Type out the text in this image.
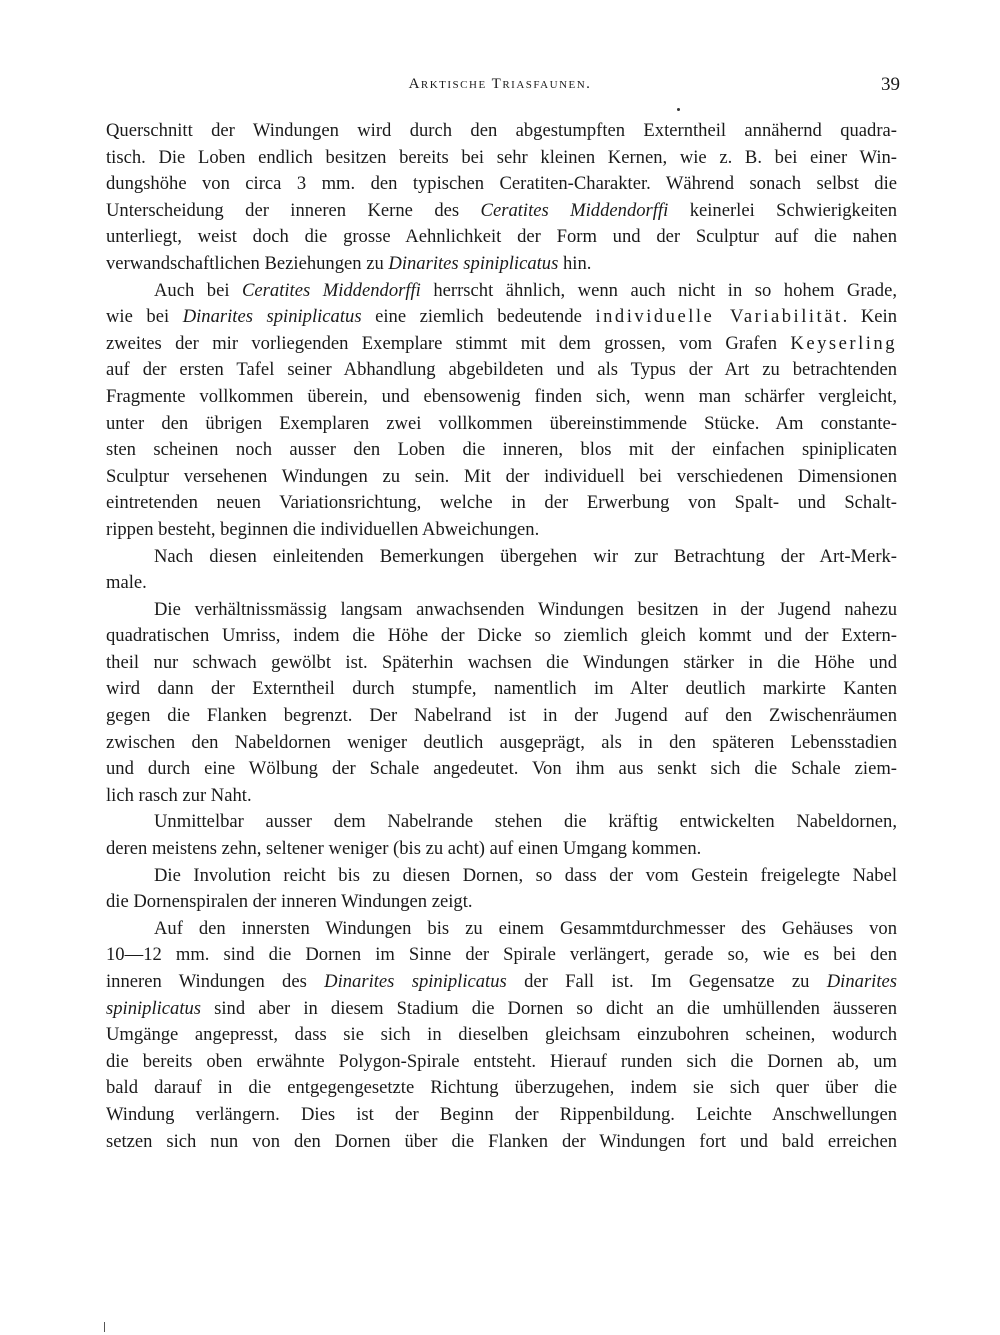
Arktische Triasfaunen.	39
Querschnitt der Windungen wird durch den abgestumpften Externtheil annähernd quadra-
tisch. Die Loben endlich besitzen bereits bei sehr kleinen Kernen, wie z. B. bei einer Win-
dungshöhe von circa 3 mm. den typischen Ceratiten-Charakter. Während sonach selbst die
Unterscheidung der inneren Kerne des Ceratites Middendorffi keinerlei Schwierigkeiten
unterliegt, weist doch die grosse Aehnlichkeit der Form und der Sculptur auf die nahen
verwandschaftlichen Beziehungen zu Dinarites spiniplicatus hin.
Auch bei Ceratites Middendorffi herrscht ähnlich, wenn auch nicht in so hohem Grade,
wie bei Dinarites spiniplicatus eine ziemlich bedeutende individuelle Variabilität. Kein
zweites der mir vorliegenden Exemplare stimmt mit dem grossen, vom Grafen Keyserling
auf der ersten Tafel seiner Abhandlung abgebildeten und als Typus der Art zu betrachtenden
Fragmente vollkommen überein, und ebensowenig finden sich, wenn man schärfer vergleicht,
unter den übrigen Exemplaren zwei vollkommen übereinstimmende Stücke. Am constante-
sten scheinen noch ausser den Loben die inneren, blos mit der einfachen spiniplicaten
Sculptur versehenen Windungen zu sein. Mit der individuell bei verschiedenen Dimensionen
eintretenden neuen Variationsrichtung, welche in der Erwerbung von Spalt- und Schalt-
rippen besteht, beginnen die individuellen Abweichungen.
Nach diesen einleitenden Bemerkungen übergehen wir zur Betrachtung der Art-Merk-
male.
Die verhältnissmässig langsam anwachsenden Windungen besitzen in der Jugend nahezu
quadratischen Umriss, indem die Höhe der Dicke so ziemlich gleich kommt und der Extern-
theil nur schwach gewölbt ist. Späterhin wachsen die Windungen stärker in die Höhe und
wird dann der Externtheil durch stumpfe, namentlich im Alter deutlich markirte Kanten
gegen die Flanken begrenzt. Der Nabelrand ist in der Jugend auf den Zwischenräumen
zwischen den Nabeldornen weniger deutlich ausgeprägt, als in den späteren Lebensstadien
und durch eine Wölbung der Schale angedeutet. Von ihm aus senkt sich die Schale ziem-
lich rasch zur Naht.
Unmittelbar ausser dem Nabelrande stehen die kräftig entwickelten Nabeldornen,
deren meistens zehn, seltener weniger (bis zu acht) auf einen Umgang kommen.
Die Involution reicht bis zu diesen Dornen, so dass der vom Gestein freigelegte Nabel
die Dornenspiralen der inneren Windungen zeigt.
Auf den innersten Windungen bis zu einem Gesammtdurchmesser des Gehäuses von
10—12 mm. sind die Dornen im Sinne der Spirale verlängert, gerade so, wie es bei den
inneren Windungen des Dinarites spiniplicatus der Fall ist. Im Gegensatze zu Dinarites
spiniplicatus sind aber in diesem Stadium die Dornen so dicht an die umhüllenden äusseren
Umgänge angepresst, dass sie sich in dieselben gleichsam einzubohren scheinen, wodurch
die bereits oben erwähnte Polygon-Spirale entsteht. Hierauf runden sich die Dornen ab, um
bald darauf in die entgegengesetzte Richtung überzugehen, indem sie sich quer über die
Windung verlängern. Dies ist der Beginn der Rippenbildung. Leichte Anschwellungen
setzen sich nun von den Dornen über die Flanken der Windungen fort und bald erreichen
